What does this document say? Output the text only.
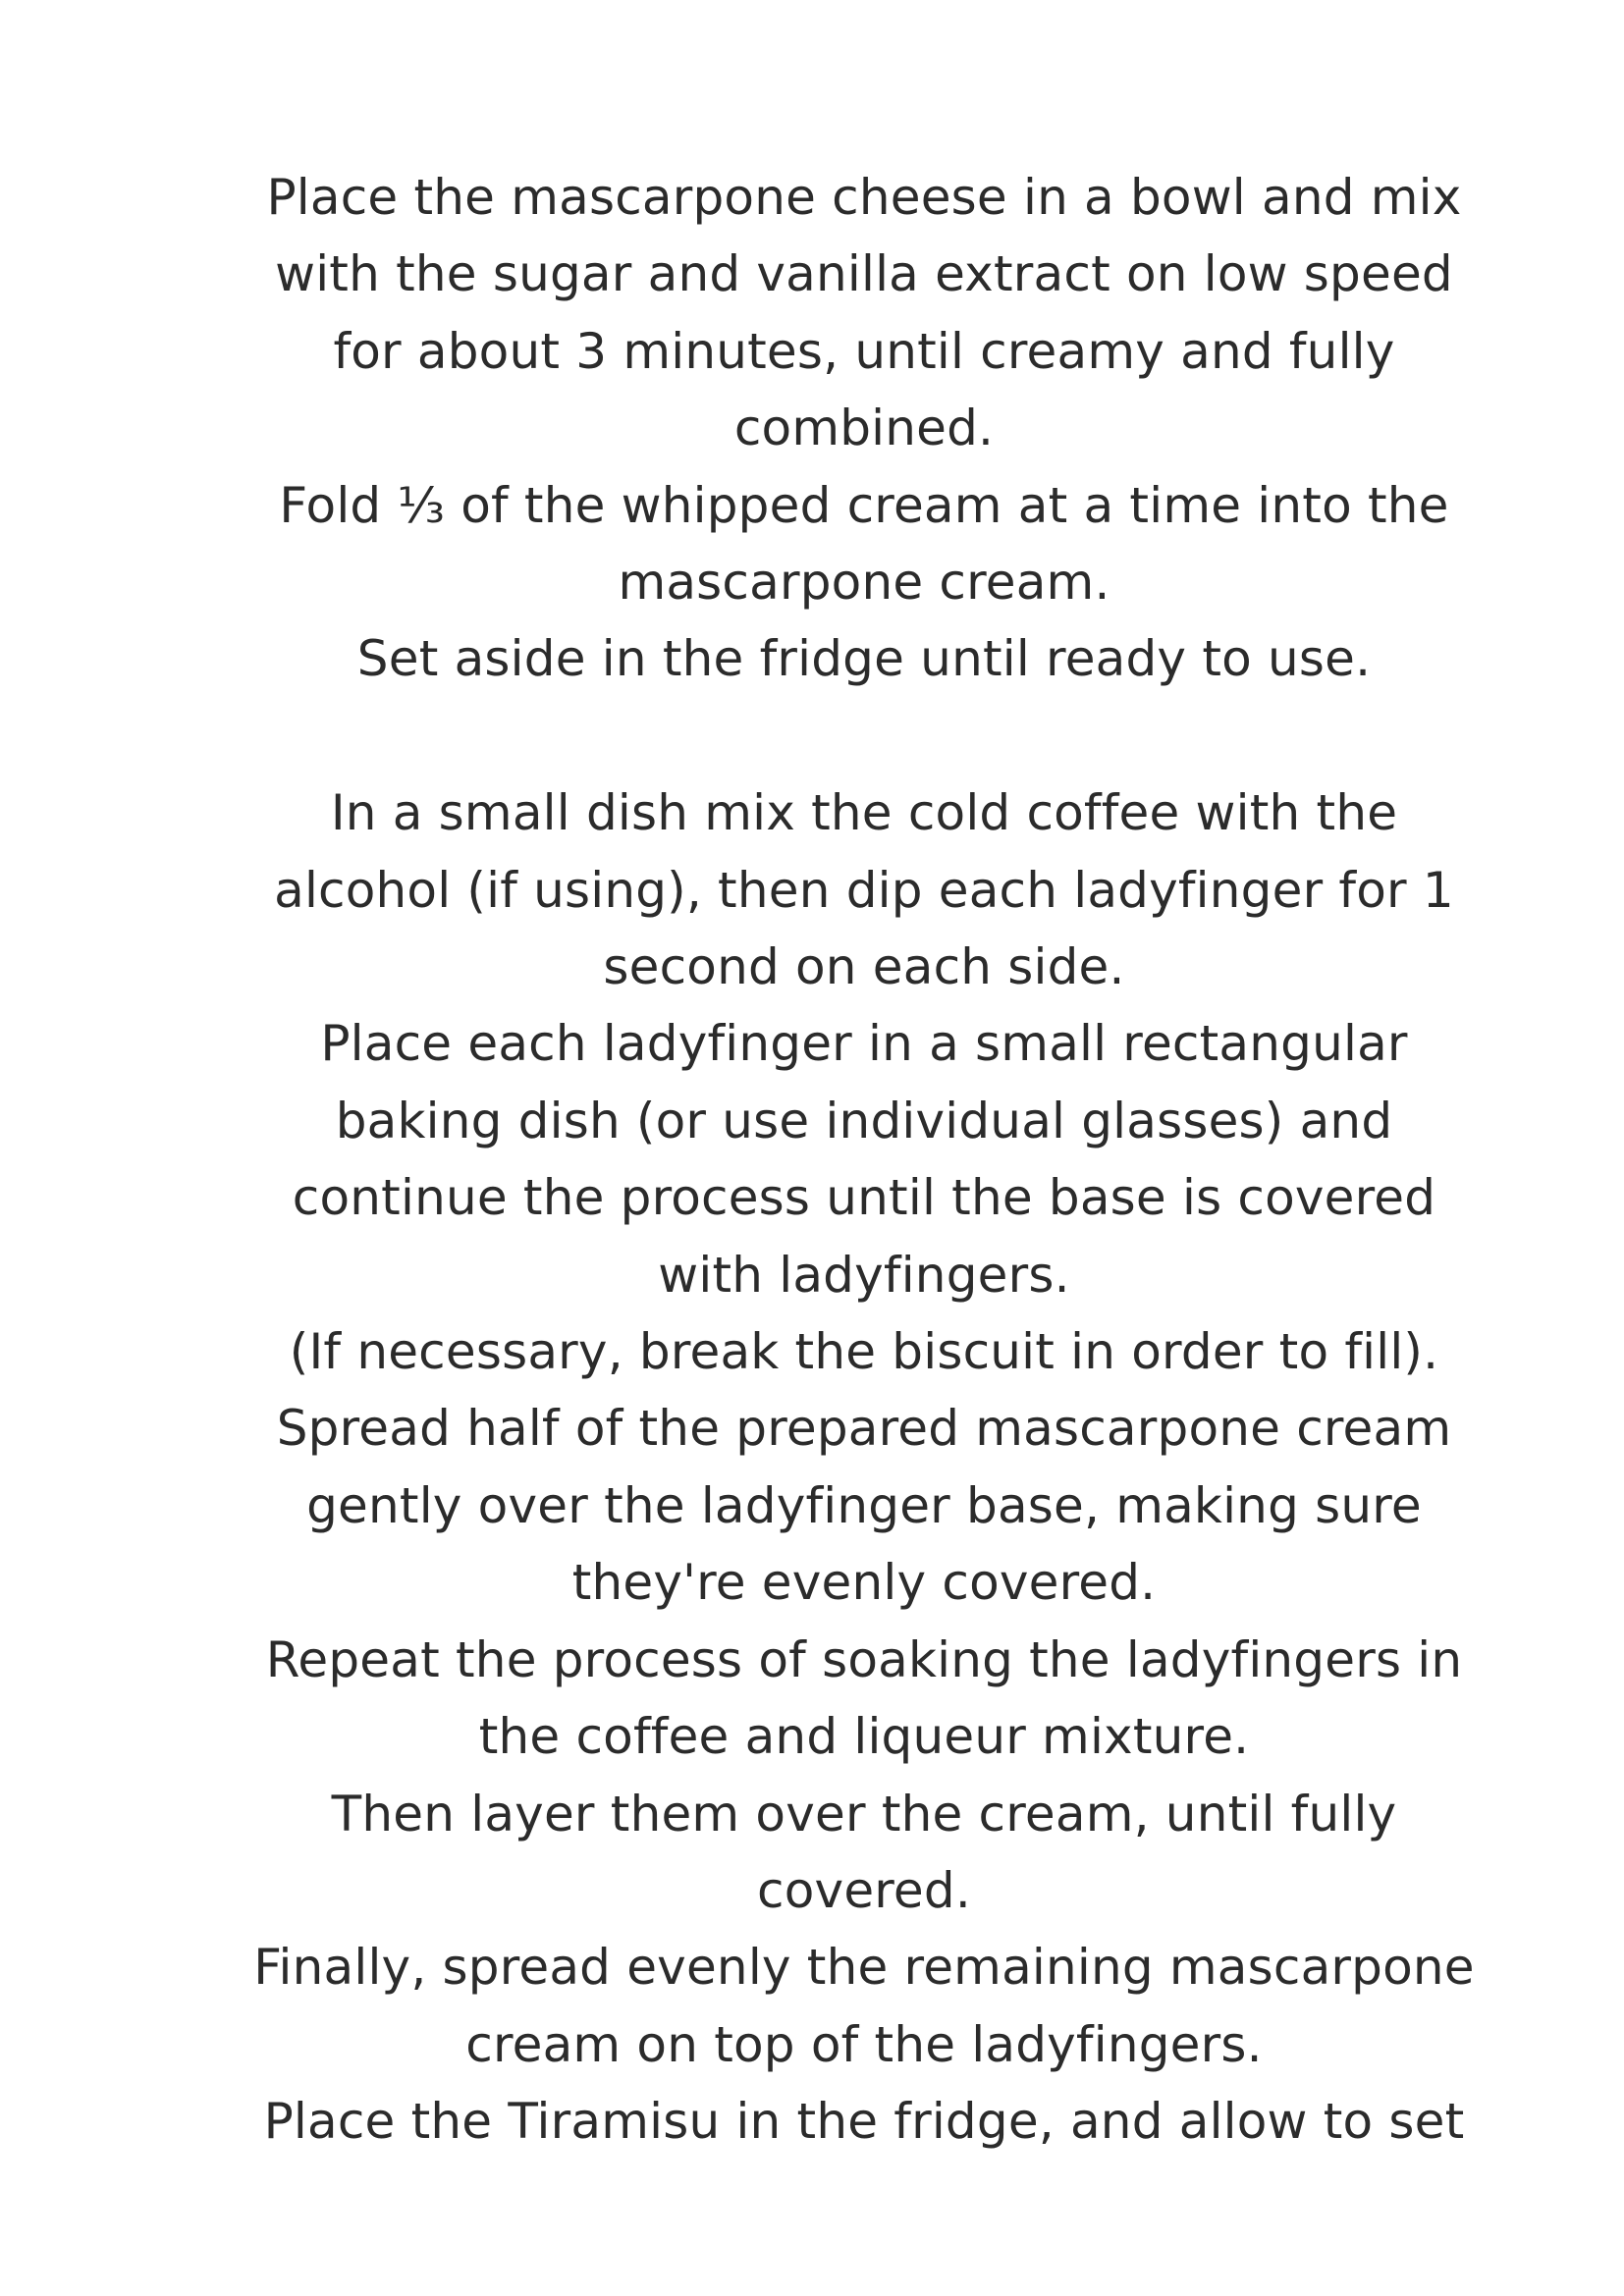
Place the mascarpone cheese in a bowl and mix
with the sugar and vanilla extract on low speed
for about 3 minutes, until creamy and fully
combined.

Fold ⅓ of the whipped cream at a time into the
mascarpone cream.

Set aside in the fridge until ready to use.

In a small dish mix the cold coffee with the
alcohol (if using), then dip each ladyfinger for 1
second on each side.

Place each ladyfinger in a small rectangular
baking dish (or use individual glasses) and
continue the process until the base is covered
with ladyfingers.

(If necessary, break the biscuit in order to fill).

Spread half of the prepared mascarpone cream
gently over the ladyfinger base, making sure
they're evenly covered.

Repeat the process of soaking the ladyfingers in
the coffee and liqueur mixture.

Then layer them over the cream, until fully
covered.

Finally, spread evenly the remaining mascarpone
cream on top of the ladyfingers.

Place the Tiramisu in the fridge, and allow to set
